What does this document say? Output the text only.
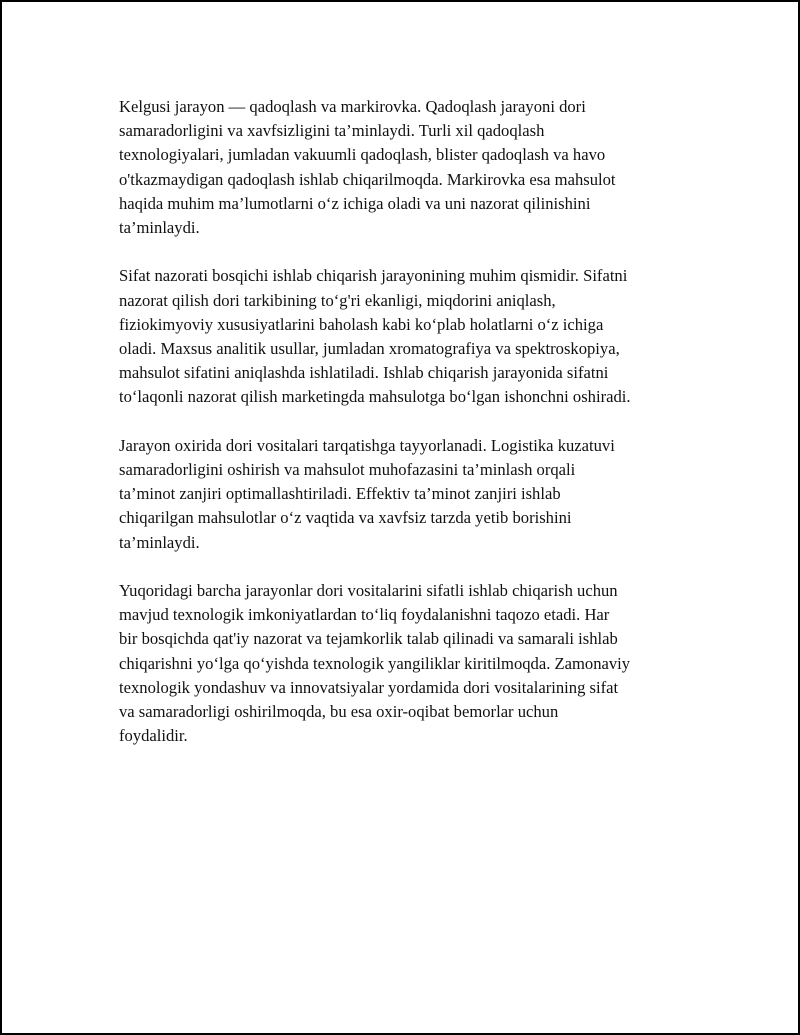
Kelgusi jarayon — qadoqlash va markirovka. Qadoqlash jarayoni dori
samaradorligini va xavfsizligini ta’minlaydi. Turli xil qadoqlash
texnologiyalari, jumladan vakuumli qadoqlash, blister qadoqlash va havo
o'tkazmaydigan qadoqlash ishlab chiqarilmoqda. Markirovka esa mahsulot
haqida muhim ma’lumotlarni o‘z ichiga oladi va uni nazorat qilinishini
ta’minlaydi.

Sifat nazorati bosqichi ishlab chiqarish jarayonining muhim qismidir. Sifatni
nazorat qilish dori tarkibining to‘g'ri ekanligi, miqdorini aniqlash,
fiziokimyoviy xususiyatlarini baholash kabi ko‘plab holatlarni o‘z ichiga
oladi. Maxsus analitik usullar, jumladan xromatografiya va spektroskopiya,
mahsulot sifatini aniqlashda ishlatiladi. Ishlab chiqarish jarayonida sifatni
to‘laqonli nazorat qilish marketingda mahsulotga bo‘lgan ishonchni oshiradi.

Jarayon oxirida dori vositalari tarqatishga tayyorlanadi. Logistika kuzatuvi
samaradorligini oshirish va mahsulot muhofazasini ta’minlash orqali
ta’minot zanjiri optimallashtiriladi. Effektiv ta’minot zanjiri ishlab
chiqarilgan mahsulotlar o‘z vaqtida va xavfsiz tarzda yetib borishini
ta’minlaydi.

Yuqoridagi barcha jarayonlar dori vositalarini sifatli ishlab chiqarish uchun
mavjud texnologik imkoniyatlardan to‘liq foydalanishni taqozo etadi. Har
bir bosqichda qat'iy nazorat va tejamkorlik talab qilinadi va samarali ishlab
chiqarishni yo‘lga qo‘yishda texnologik yangiliklar kiritilmoqda. Zamonaviy
texnologik yondashuv va innovatsiyalar yordamida dori vositalarining sifat
va samaradorligi oshirilmoqda, bu esa oxir-oqibat bemorlar uchun
foydalidir.
